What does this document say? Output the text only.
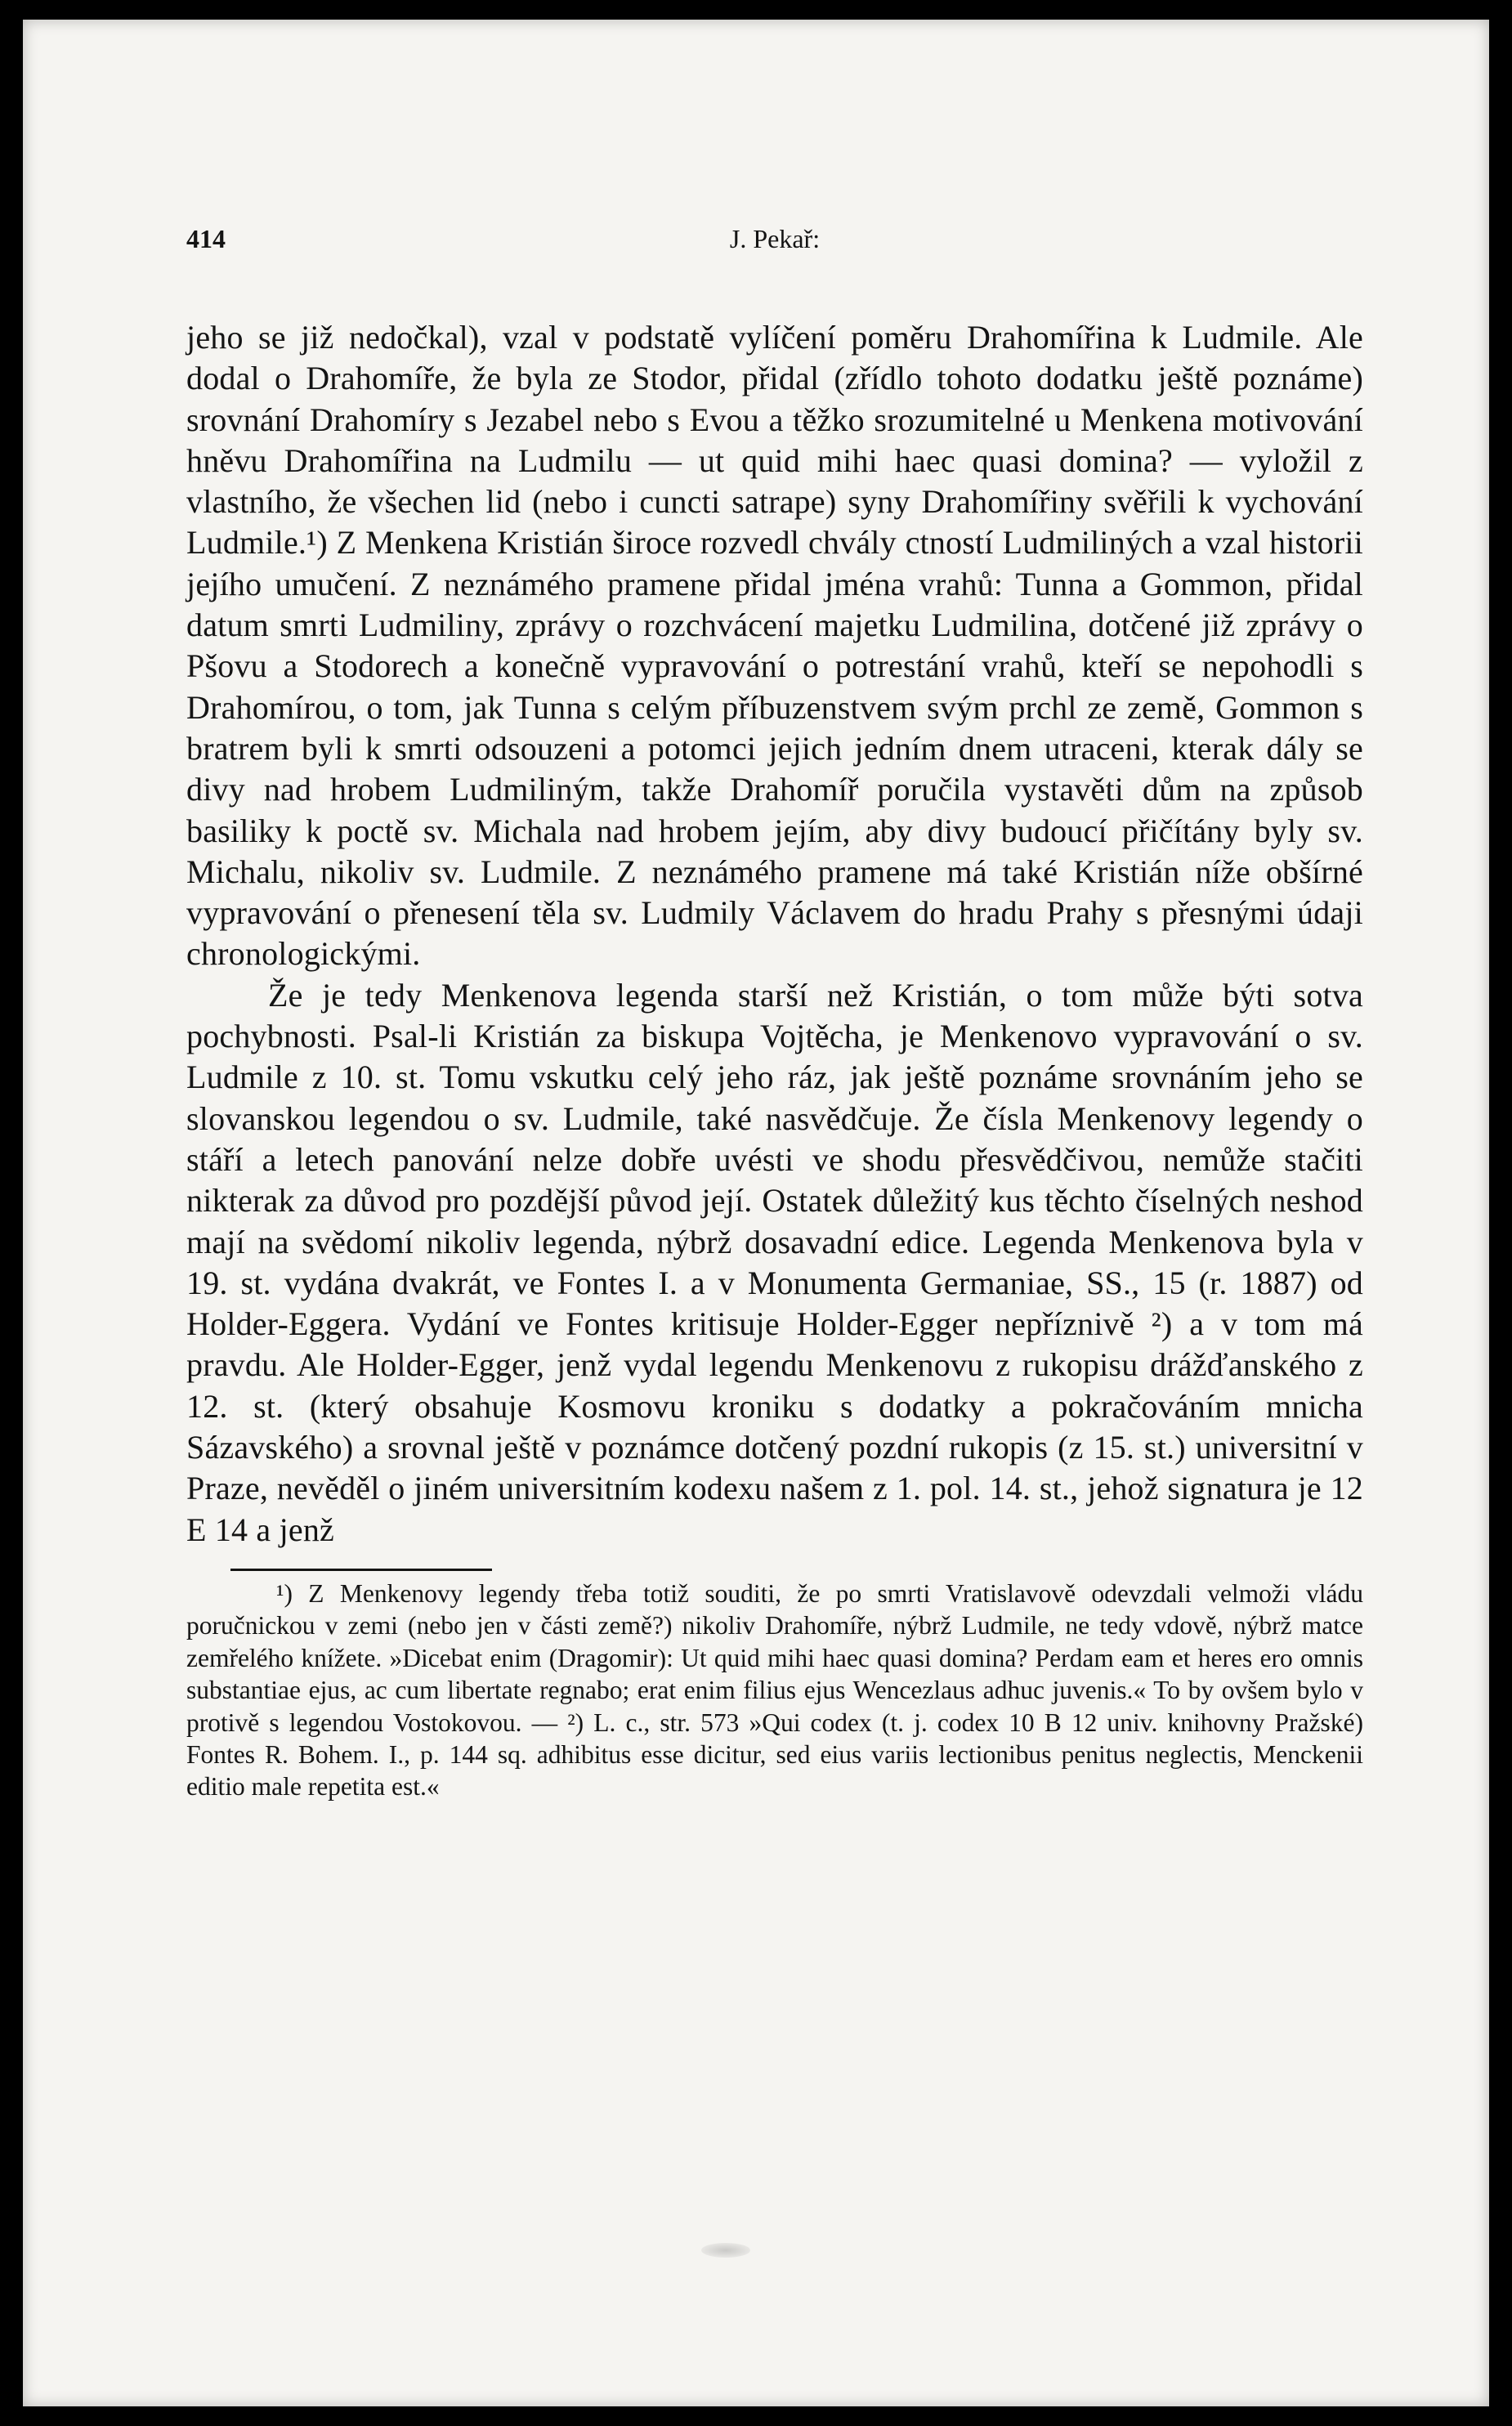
414	J. Pekař:

jeho se již nedočkal), vzal v podstatě vylíčení poměru Drahomířina k Ludmile. Ale dodal o Drahomíře, že byla ze Stodor, přidal (zřídlo tohoto dodatku ještě poznáme) srovnání Drahomíry s Jezabel nebo s Evou a těžko srozumitelné u Menkena motivování hněvu Drahomířina na Ludmilu — ut quid mihi haec quasi domina? — vyložil z vlastního, že všechen lid (nebo i cuncti satrape) syny Drahomířiny svěřili k vychování Ludmile.¹) Z Menkena Kristián široce rozvedl chvály ctností Ludmiliných a vzal historii jejího umučení. Z neznámého pramene přidal jména vrahů: Tunna a Gommon, přidal datum smrti Ludmiliny, zprávy o rozchvácení majetku Ludmilina, dotčené již zprávy o Pšovu a Stodorech a konečně vypravování o potrestání vrahů, kteří se nepohodli s Drahomírou, o tom, jak Tunna s celým příbuzenstvem svým prchl ze země, Gommon s bratrem byli k smrti odsouzeni a potomci jejich jedním dnem utraceni, kterak dály se divy nad hrobem Ludmiliným, takže Drahomíř poručila vystavěti dům na způsob basiliky k poctě sv. Michala nad hrobem jejím, aby divy budoucí přičítány byly sv. Michalu, nikoliv sv. Ludmile. Z neznámého pramene má také Kristián níže obšírné vypravování o přenesení těla sv. Ludmily Václavem do hradu Prahy s přesnými údaji chronologickými.

Že je tedy Menkenova legenda starší než Kristián, o tom může býti sotva pochybnosti. Psal-li Kristián za biskupa Vojtěcha, je Menkenovo vypravování o sv. Ludmile z 10. st. Tomu vskutku celý jeho ráz, jak ještě poznáme srovnáním jeho se slovanskou legendou o sv. Ludmile, také nasvědčuje. Že čísla Menkenovy legendy o stáří a letech panování nelze dobře uvésti ve shodu přesvědčivou, nemůže stačiti nikterak za důvod pro pozdější původ její. Ostatek důležitý kus těchto číselných neshod mají na svědomí nikoliv legenda, nýbrž dosavadní edice. Legenda Menkenova byla v 19. st. vydána dvakrát, ve Fontes I. a v Monumenta Germaniae, SS., 15 (r. 1887) od Holder-Eggera. Vydání ve Fontes kritisuje Holder-Egger nepříznivě ²) a v tom má pravdu. Ale Holder-Egger, jenž vydal legendu Menkenovu z rukopisu drážďanského z 12. st. (který obsahuje Kosmovu kroniku s dodatky a pokračováním mnicha Sázavského) a srovnal ještě v poznámce dotčený pozdní rukopis (z 15. st.) universitní v Praze, nevěděl o jiném universitním kodexu našem z 1. pol. 14. st., jehož signatura je 12 E 14 a jenž

¹) Z Menkenovy legendy třeba totiž souditi, že po smrti Vratislavově odevzdali velmoži vládu poručnickou v zemi (nebo jen v části země?) nikoliv Drahomíře, nýbrž Ludmile, ne tedy vdově, nýbrž matce zemřelého knížete. »Dicebat enim (Dragomir): Ut quid mihi haec quasi domina? Perdam eam et heres ero omnis substantiae ejus, ac cum libertate regnabo; erat enim filius ejus Wencezlaus adhuc juvenis.« To by ovšem bylo v protivě s legendou Vostokovou. — ²) L. c., str. 573 »Qui codex (t. j. codex 10 B 12 univ. knihovny Pražské) Fontes R. Bohem. I., p. 144 sq. adhibitus esse dicitur, sed eius variis lectionibus penitus neglectis, Menckenii editio male repetita est.«
